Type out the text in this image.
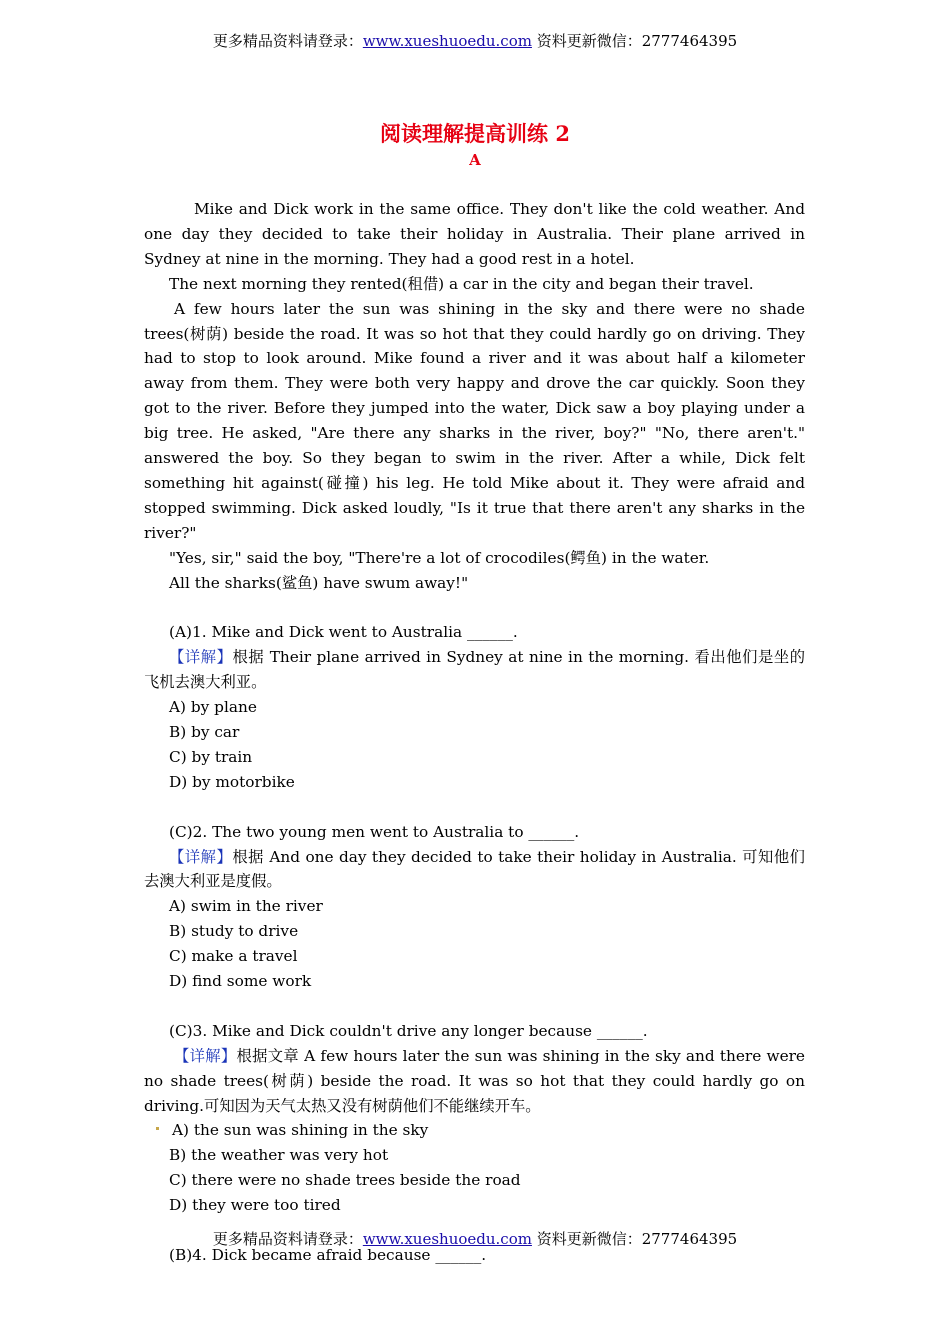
更多精品资料请登录：www.xueshuoedu.com 资料更新微信：2777464395
阅读理解提高训练 2
A

Mike and Dick work in the same office. They don't like the cold weather. And one day they decided to take their holiday in Australia. Their plane arrived in Sydney at nine in the morning. They had a good rest in a hotel.

The next morning they rented(租借) a car in the city and began their travel.

A few hours later the sun was shining in the sky and there were no shade trees(树荫) beside the road. It was so hot that they could hardly go on driving. They had to stop to look around. Mike found a river and it was about half a kilometer away from them. They were both very happy and drove the car quickly. Soon they got to the river. Before they jumped into the water, Dick saw a boy playing under a big tree. He asked, "Are there any sharks in the river, boy?" "No, there aren't." answered the boy. So they began to swim in the river. After a while, Dick felt something hit against(碰撞) his leg. He told Mike about it. They were afraid and stopped swimming. Dick asked loudly, "Is it true that there aren't any sharks in the river?"

"Yes, sir," said the boy, "There're a lot of crocodiles(鳄鱼) in the water.

All the sharks(鲨鱼) have swum away!"

(A)1. Mike and Dick went to Australia ______.

【详解】根据 Their plane arrived in Sydney at nine in the morning. 看出他们是坐的飞机去澳大利亚。

A) by plane

B) by car

C) by train

D) by motorbike

(C)2. The two young men went to Australia to ______.

【详解】根据 And one day they decided to take their holiday in Australia. 可知他们去澳大利亚是度假。

A) swim in the river

B) study to drive

C) make a travel

D) find some work

(C)3. Mike and Dick couldn't drive any longer because ______.

【详解】根据文章 A few hours later the sun was shining in the sky and there were no shade trees(树荫) beside the road. It was so hot that they could hardly go on driving.可知因为天气太热又没有树荫他们不能继续开车。

A) the sun was shining in the sky

B) the weather was very hot

C) there were no shade trees beside the road

D) they were too tired

(B)4. Dick became afraid because ______.

更多精品资料请登录：www.xueshuoedu.com 资料更新微信：2777464395
